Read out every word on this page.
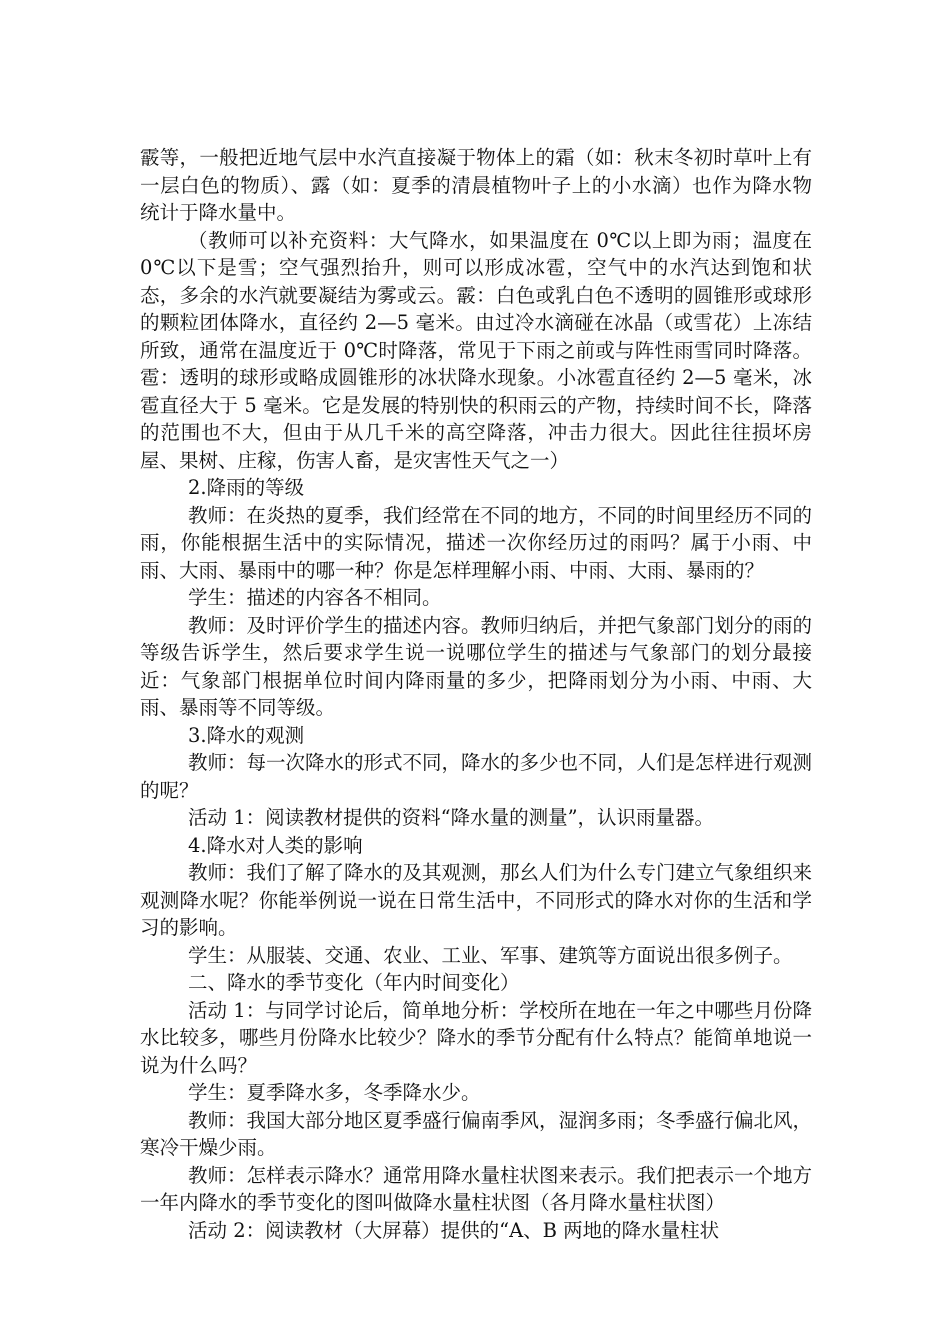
霰等，一般把近地气层中水汽直接凝于物体上的霜（如：秋末冬初时草叶上有一层白色的物质）、露（如：夏季的清晨植物叶子上的小水滴）也作为降水物统计于降水量中。

（教师可以补充资料：大气降水，如果温度在 0℃以上即为雨；温度在 0℃以下是雪；空气强烈抬升，则可以形成冰雹，空气中的水汽达到饱和状态，多余的水汽就要凝结为雾或云。霰：白色或乳白色不透明的圆锥形或球形的颗粒团体降水，直径约 2—5 毫米。由过冷水滴碰在冰晶（或雪花）上冻结所致，通常在温度近于 0℃时降落，常见于下雨之前或与阵性雨雪同时降落。雹：透明的球形或略成圆锥形的冰状降水现象。小冰雹直径约 2—5 毫米，冰雹直径大于 5 毫米。它是发展的特别快的积雨云的产物，持续时间不长，降落的范围也不大，但由于从几千米的高空降落，冲击力很大。因此往往损坏房屋、果树、庄稼，伤害人畜，是灾害性天气之一）

2.降雨的等级

教师：在炎热的夏季，我们经常在不同的地方，不同的时间里经历不同的雨，你能根据生活中的实际情况，描述一次你经历过的雨吗？属于小雨、中雨、大雨、暴雨中的哪一种？你是怎样理解小雨、中雨、大雨、暴雨的？

学生：描述的内容各不相同。

教师：及时评价学生的描述内容。教师归纳后，并把气象部门划分的雨的等级告诉学生，然后要求学生说一说哪位学生的描述与气象部门的划分最接近：气象部门根据单位时间内降雨量的多少，把降雨划分为小雨、中雨、大雨、暴雨等不同等级。

3.降水的观测

教师：每一次降水的形式不同，降水的多少也不同，人们是怎样进行观测的呢？

活动 1：阅读教材提供的资料“降水量的测量”，认识雨量器。

4.降水对人类的影响

教师：我们了解了降水的及其观测，那幺人们为什么专门建立气象组织来观测降水呢？你能举例说一说在日常生活中，不同形式的降水对你的生活和学习的影响。

学生：从服装、交通、农业、工业、军事、建筑等方面说出很多例子。

二、降水的季节变化（年内时间变化）

活动 1：与同学讨论后，简单地分析：学校所在地在一年之中哪些月份降水比较多，哪些月份降水比较少？降水的季节分配有什么特点？能简单地说一说为什么吗？

学生：夏季降水多，冬季降水少。

教师：我国大部分地区夏季盛行偏南季风，湿润多雨；冬季盛行偏北风，寒冷干燥少雨。

教师：怎样表示降水？通常用降水量柱状图来表示。我们把表示一个地方一年内降水的季节变化的图叫做降水量柱状图（各月降水量柱状图）

活动 2：阅读教材（大屏幕）提供的“A、B 两地的降水量柱状
